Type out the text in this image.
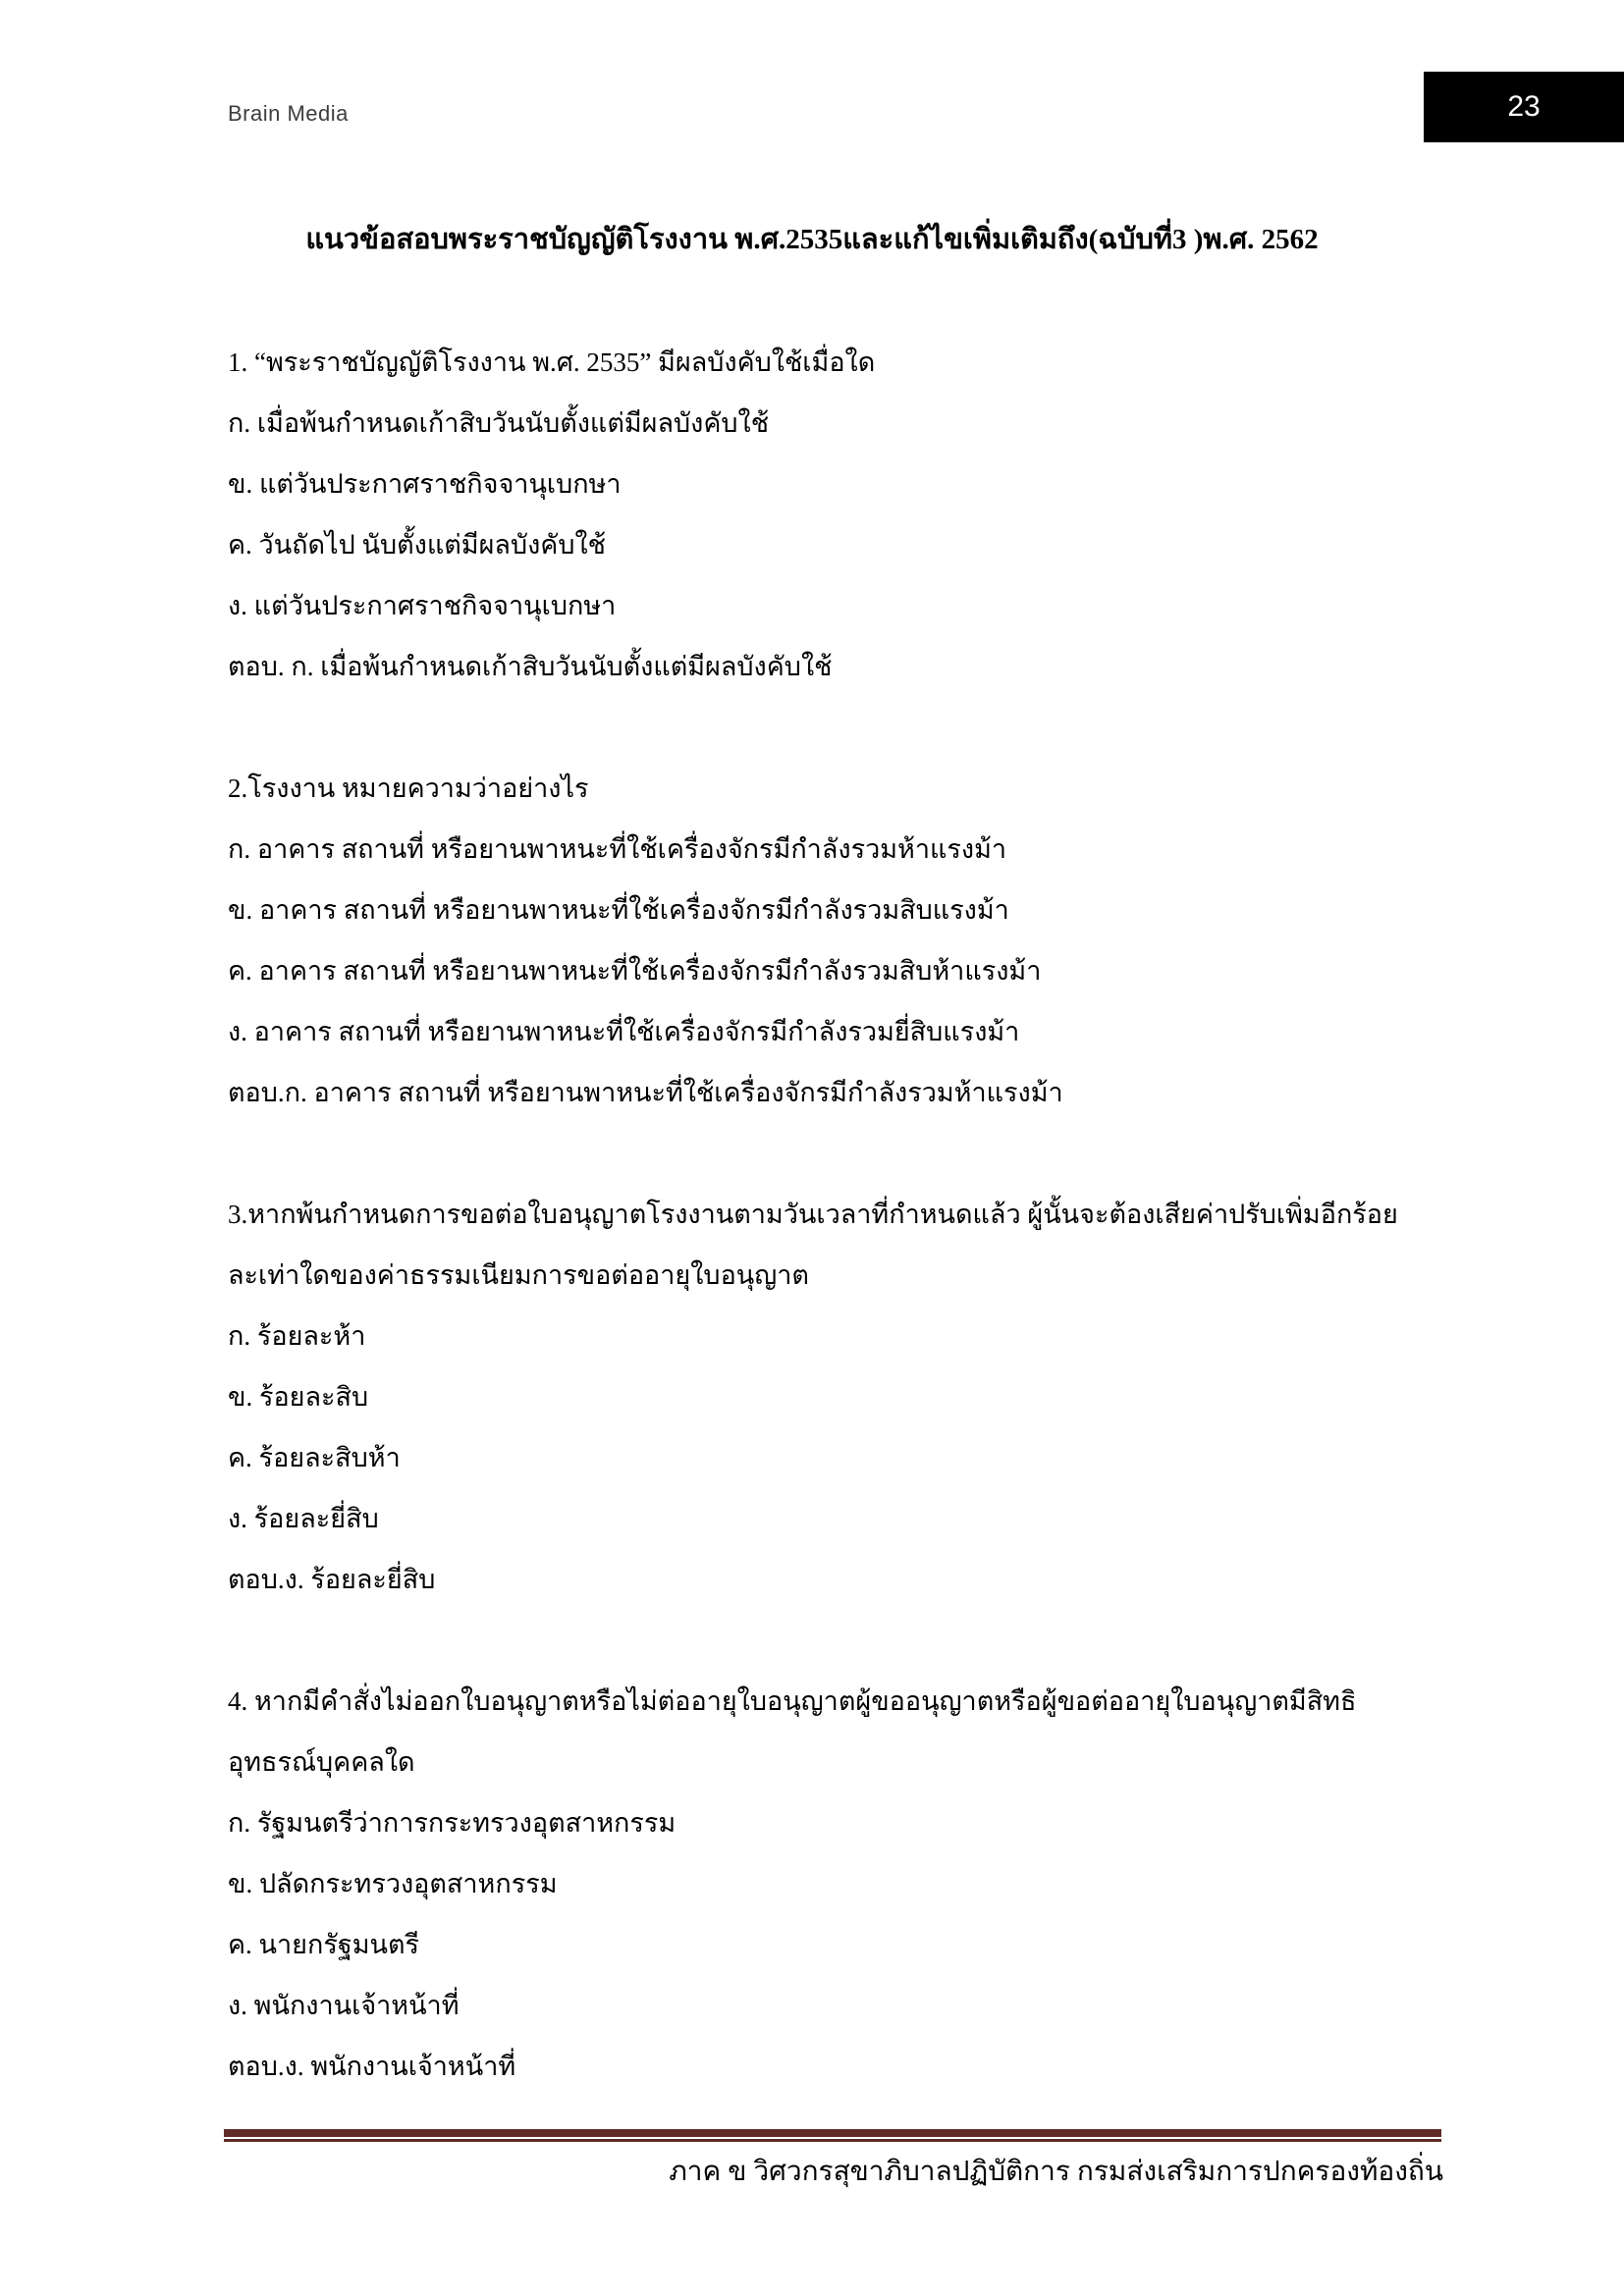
Brain Media	23
แนวข้อสอบพระราชบัญญัติโรงงาน พ.ศ.2535และแก้ไขเพิ่มเติมถึง(ฉบับที่3 )พ.ศ. 2562
1. “พระราชบัญญัติโรงงาน พ.ศ. 2535” มีผลบังคับใช้เมื่อใด
ก. เมื่อพ้นกำหนดเก้าสิบวันนับตั้งแต่มีผลบังคับใช้
ข. แต่วันประกาศราชกิจจานุเบกษา
ค. วันถัดไป นับตั้งแต่มีผลบังคับใช้
ง. แต่วันประกาศราชกิจจานุเบกษา
ตอบ. ก. เมื่อพ้นกำหนดเก้าสิบวันนับตั้งแต่มีผลบังคับใช้
2.โรงงาน หมายความว่าอย่างไร
ก. อาคาร สถานที่ หรือยานพาหนะที่ใช้เครื่องจักรมีกำลังรวมห้าแรงม้า
ข. อาคาร สถานที่ หรือยานพาหนะที่ใช้เครื่องจักรมีกำลังรวมสิบแรงม้า
ค. อาคาร สถานที่ หรือยานพาหนะที่ใช้เครื่องจักรมีกำลังรวมสิบห้าแรงม้า
ง. อาคาร สถานที่ หรือยานพาหนะที่ใช้เครื่องจักรมีกำลังรวมยี่สิบแรงม้า
ตอบ.ก. อาคาร สถานที่ หรือยานพาหนะที่ใช้เครื่องจักรมีกำลังรวมห้าแรงม้า
3.หากพ้นกำหนดการขอต่อใบอนุญาตโรงงานตามวันเวลาที่กำหนดแล้ว ผู้นั้นจะต้องเสียค่าปรับเพิ่มอีกร้อย
ละเท่าใดของค่าธรรมเนียมการขอต่ออายุใบอนุญาต
ก. ร้อยละห้า
ข. ร้อยละสิบ
ค. ร้อยละสิบห้า
ง. ร้อยละยี่สิบ
ตอบ.ง. ร้อยละยี่สิบ
4. หากมีคำสั่งไม่ออกใบอนุญาตหรือไม่ต่ออายุใบอนุญาตผู้ขออนุญาตหรือผู้ขอต่ออายุใบอนุญาตมีสิทธิ
อุทธรณ์บุคคลใด
ก. รัฐมนตรีว่าการกระทรวงอุตสาหกรรม
ข. ปลัดกระทรวงอุตสาหกรรม
ค. นายกรัฐมนตรี
ง. พนักงานเจ้าหน้าที่
ตอบ.ง. พนักงานเจ้าหน้าที่
ภาค ข วิศวกรสุขาภิบาลปฏิบัติการ กรมส่งเสริมการปกครองท้องถิ่น
